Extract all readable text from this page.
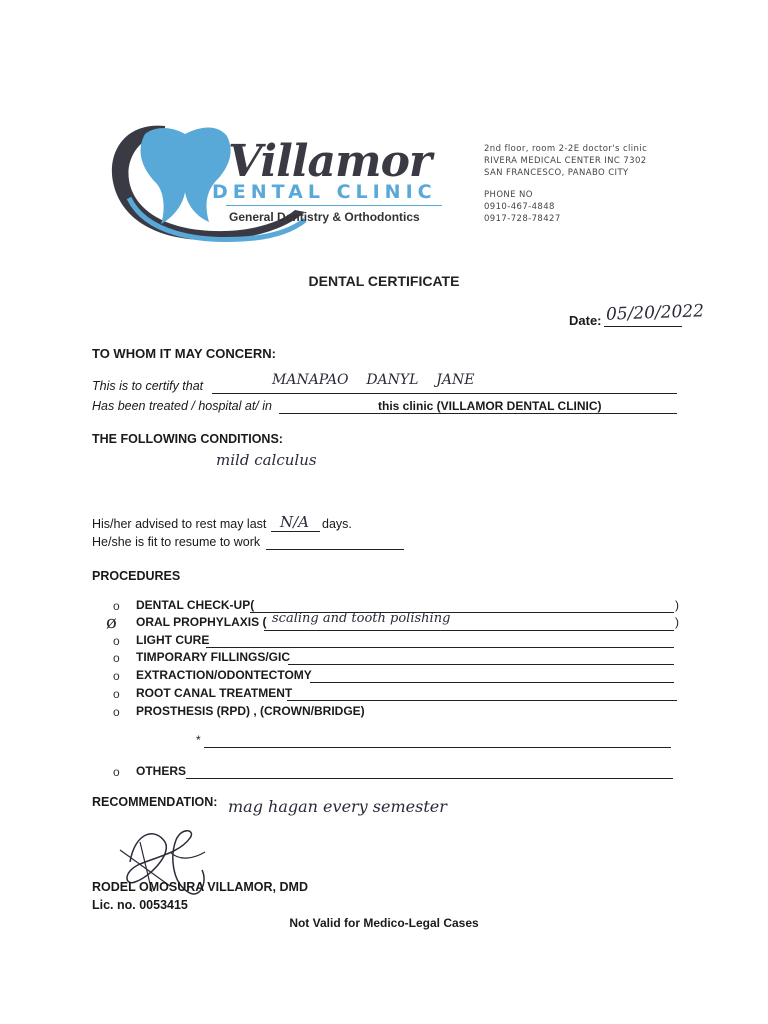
Villamor
DENTAL CLINIC
General Dentistry & Orthodontics
2nd floor, room 2-2E doctor's clinic
RIVERA MEDICAL CENTER INC 7302
SAN FRANCESCO, PANABO CITY
PHONE NO
0910-467-4848
0917-728-78427
DENTAL CERTIFICATE
Date: 05/20/2022
TO WHOM IT MAY CONCERN:
This is to certify that	MANAPAO    DANYL    JANE
Has been treated / hospital at/ in	this clinic (VILLAMOR DENTAL CLINIC)
THE FOLLOWING CONDITIONS:
mild calculus
His/her advised to rest may last N/A days.
He/she is fit to resume to work
PROCEDURES
o DENTAL CHECK-UP(	)
ø ORAL PROPHYLAXIS ( scaling and tooth polishing	)
o LIGHT CURE
o TIMPORARY FILLINGS/GIC
o EXTRACTION/ODONTECTOMY
o ROOT CANAL TREATMENT
o PROSTHESIS (RPD) , (CROWN/BRIDGE)
*
o OTHERS
RECOMMENDATION: mag hagan every semester
RODEL OMOSURA VILLAMOR, DMD
Lic. no. 0053415
Not Valid for Medico-Legal Cases
